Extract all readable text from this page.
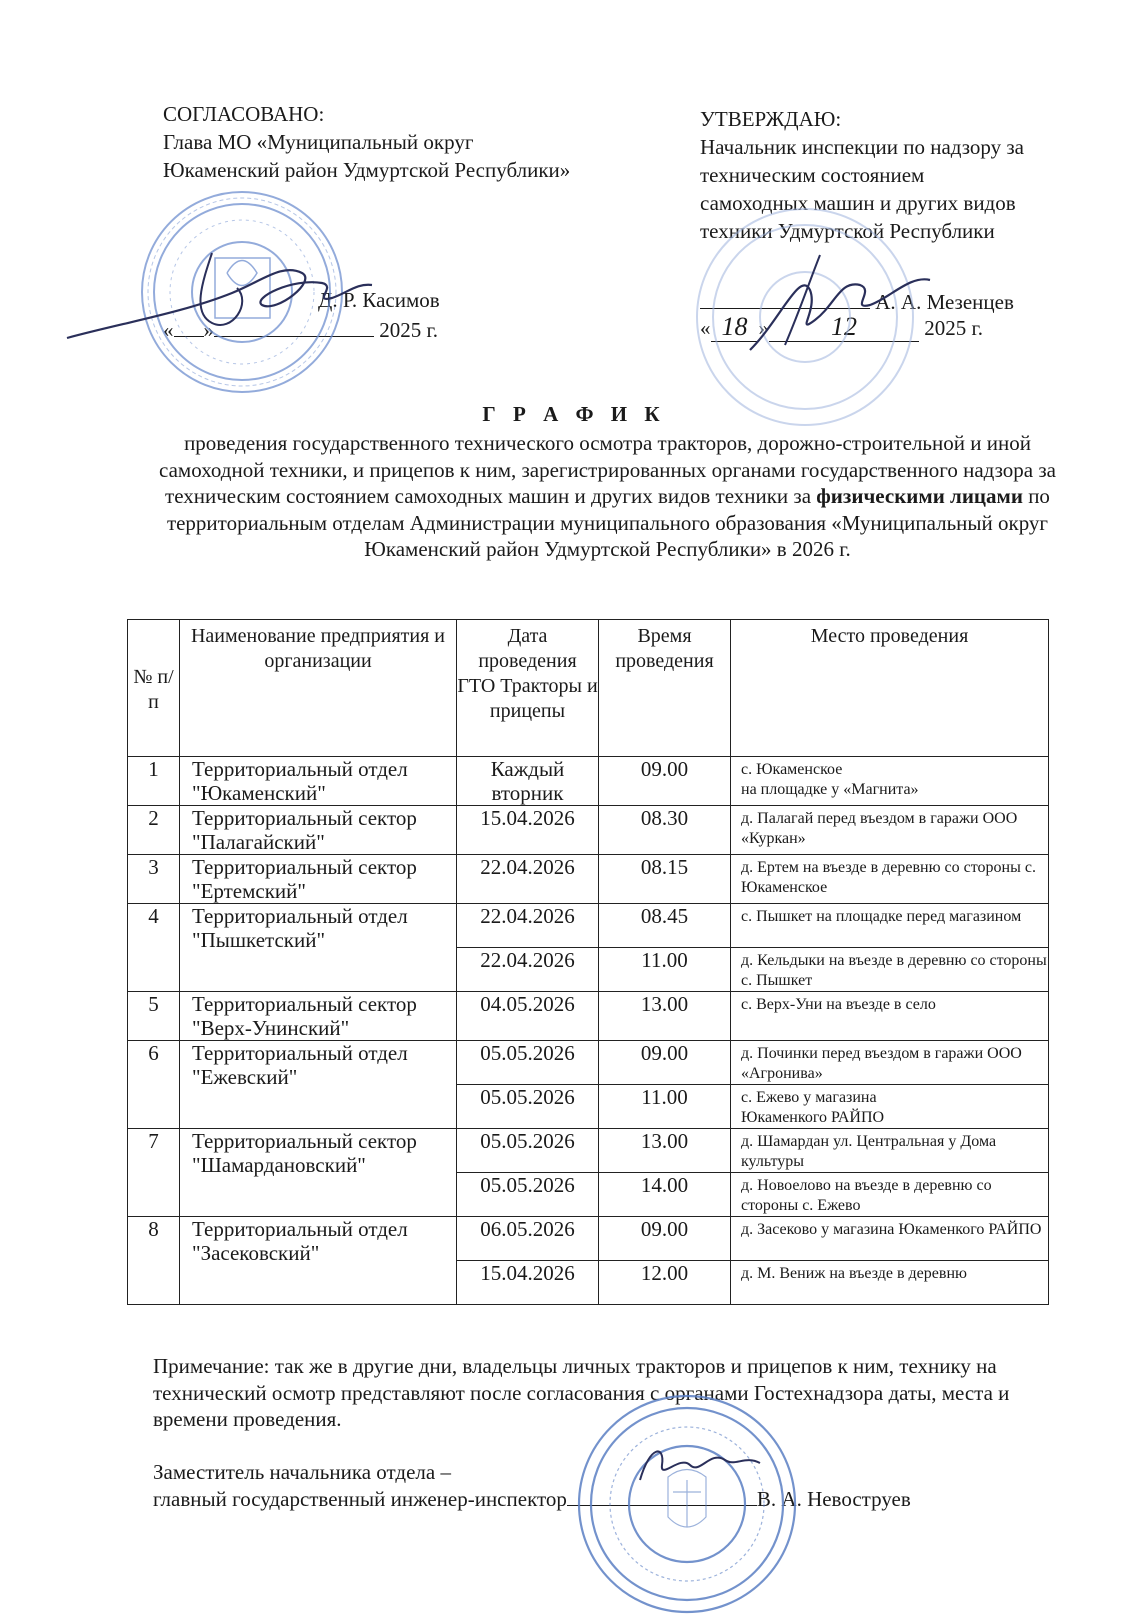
СОГЛАСОВАНО:
Глава МО «Муниципальный округ
Юкаменский район Удмуртской Республики»
Д. Р. Касимов
« »	2025 г.
УТВЕРЖДАЮ:
Начальник инспекции по надзору за
техническим состоянием
самоходных машин и других видов
техники Удмуртской Республики
А. А. Мезенцев
« 18 » 12	2025 г.
Г Р А Ф И К
проведения государственного технического осмотра тракторов, дорожно-строительной и иной самоходной техники, и прицепов к ним, зарегистрированных органами государственного надзора за техническим состоянием самоходных машин и других видов техники за физическими лицами по территориальным отделам Администрации муниципального образования «Муниципальный округ Юкаменский район Удмуртской Республики» в 2026 г.
№ п/п	Наименование предприятия и организации	Дата проведения ГТО Тракторы и прицепы	Время проведения	Место проведения
1	Территориальный отдел "Юкаменский"	Каждый вторник	09.00	с. Юкаменское
на площадке у «Магнита»
2	Территориальный сектор "Палагайский"	15.04.2026	08.30	д. Палагай перед въездом в гаражи ООО «Куркан»
3	Территориальный сектор "Ертемский"	22.04.2026	08.15	д. Ертем на въезде в деревню со стороны с. Юкаменское
4	Территориальный отдел "Пышкетский"	22.04.2026	08.45	с. Пышкет на площадке перед магазином
		22.04.2026	11.00	д. Кельдыки на въезде в деревню со стороны с. Пышкет
5	Территориальный сектор "Верх-Унинский"	04.05.2026	13.00	с. Верх-Уни на въезде в село
6	Территориальный отдел "Ежевский"	05.05.2026	09.00	д. Починки перед въездом в гаражи ООО «Агронива»
		05.05.2026	11.00	с. Ежево у магазина
Юкаменкого РАЙПО
7	Территориальный сектор "Шамардановский"	05.05.2026	13.00	д. Шамардан ул. Центральная у Дома культуры
		05.05.2026	14.00	д. Новоелово на въезде в деревню со стороны с. Ежево
8	Территориальный отдел "Засековский"	06.05.2026	09.00	д. Засеково у магазина Юкаменкого РАЙПО
		15.04.2026	12.00	д. М. Вениж на въезде в деревню
Примечание: так же в другие дни, владельцы личных тракторов и прицепов к ним, технику на технический осмотр представляют после согласования с органами Гостехнадзора даты, места и времени проведения.
Заместитель начальника отдела –
главный государственный инженер-инспектор	В. А. Невоструев
